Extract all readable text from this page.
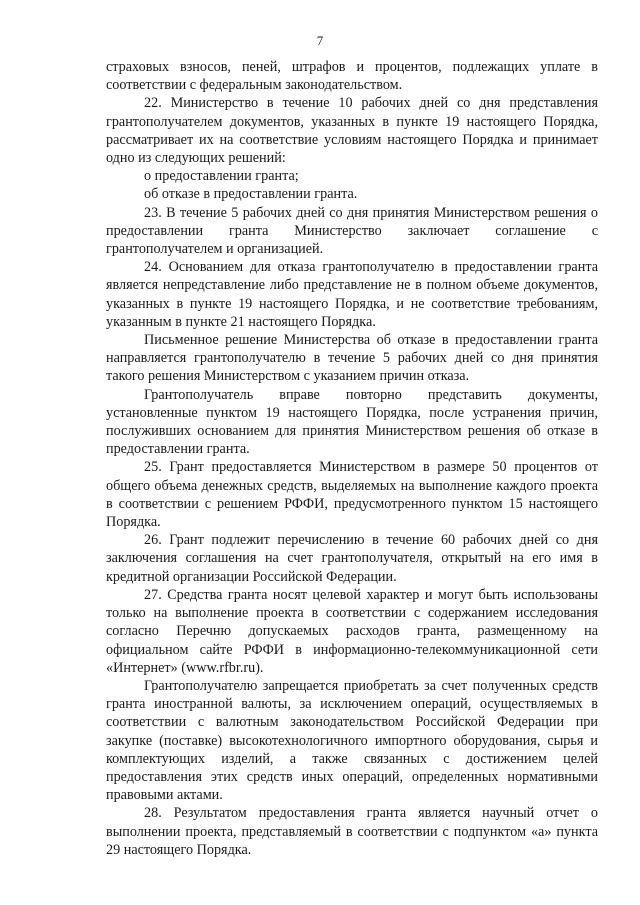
7

страховых взносов, пеней, штрафов и процентов, подлежащих уплате в соответствии с федеральным законодательством.

22. Министерство в течение 10 рабочих дней со дня представления грантополучателем документов, указанных в пункте 19 настоящего Порядка, рассматривает их на соответствие условиям настоящего Порядка и принимает одно из следующих решений:

о предоставлении гранта;

об отказе в предоставлении гранта.

23. В течение 5 рабочих дней со дня принятия Министерством решения о предоставлении гранта Министерство заключает соглашение с грантополучателем и организацией.

24. Основанием для отказа грантополучателю в предоставлении гранта является непредставление либо представление не в полном объеме документов, указанных в пункте 19 настоящего Порядка, и не соответствие требованиям, указанным в пункте 21 настоящего Порядка.

Письменное решение Министерства об отказе в предоставлении гранта направляется грантополучателю в течение 5 рабочих дней со дня принятия такого решения Министерством с указанием причин отказа.

Грантополучатель вправе повторно представить документы, установленные пунктом 19 настоящего Порядка, после устранения причин, послуживших основанием для принятия Министерством решения об отказе в предоставлении гранта.

25. Грант предоставляется Министерством в размере 50 процентов от общего объема денежных средств, выделяемых на выполнение каждого проекта в соответствии с решением РФФИ, предусмотренного пунктом 15 настоящего Порядка.

26. Грант подлежит перечислению в течение 60 рабочих дней со дня заключения соглашения на счет грантополучателя, открытый на его имя в кредитной организации Российской Федерации.

27. Средства гранта носят целевой характер и могут быть использованы только на выполнение проекта в соответствии с содержанием исследования согласно Перечню допускаемых расходов гранта, размещенному на официальном сайте РФФИ в информационно-телекоммуникационной сети «Интернет» (www.rfbr.ru).

Грантополучателю запрещается приобретать за счет полученных средств гранта иностранной валюты, за исключением операций, осуществляемых в соответствии с валютным законодательством Российской Федерации при закупке (поставке) высокотехнологичного импортного оборудования, сырья и комплектующих изделий, а также связанных с достижением целей предоставления этих средств иных операций, определенных нормативными правовыми актами.

28. Результатом предоставления гранта является научный отчет о выполнении проекта, представляемый в соответствии с подпунктом «а» пункта 29 настоящего Порядка.
